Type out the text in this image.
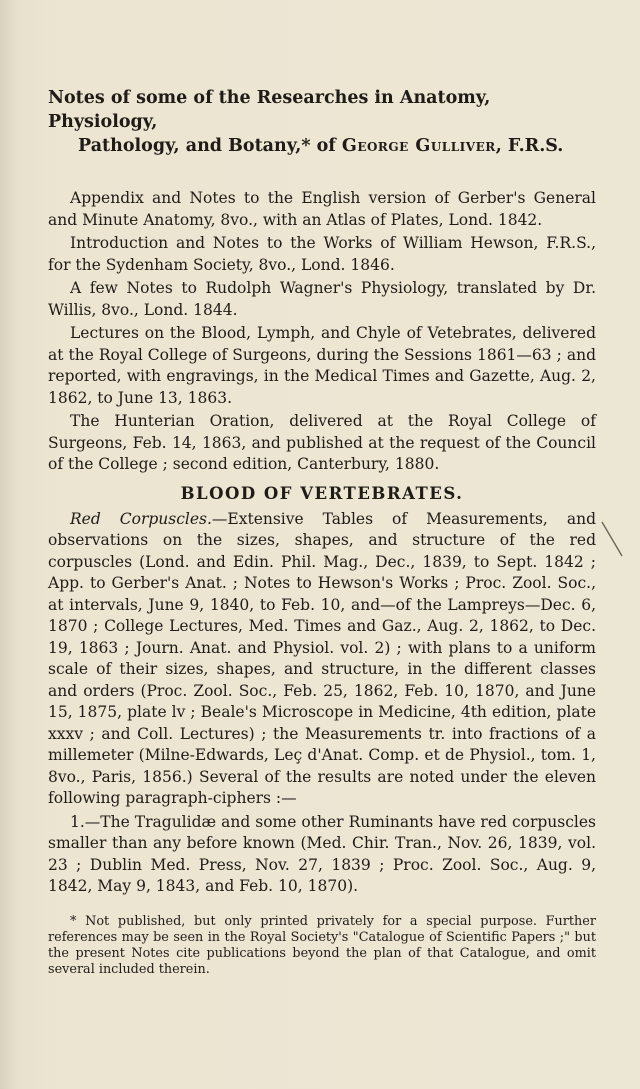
Notes of some of the Researches in Anatomy, Physiology,
Pathology, and Botany,* of George Gulliver, F.R.S.

Appendix and Notes to the English version of Gerber's General and Minute Anatomy, 8vo., with an Atlas of Plates, Lond. 1842.

Introduction and Notes to the Works of William Hewson, F.R.S., for the Sydenham Society, 8vo., Lond. 1846.

A few Notes to Rudolph Wagner's Physiology, translated by Dr. Willis, 8vo., Lond. 1844.

Lectures on the Blood, Lymph, and Chyle of Vetebrates, delivered at the Royal College of Surgeons, during the Sessions 1861—63 ; and reported, with engravings, in the Medical Times and Gazette, Aug. 2, 1862, to June 13, 1863.

The Hunterian Oration, delivered at the Royal College of Surgeons, Feb. 14, 1863, and published at the request of the Council of the College ; second edition, Canterbury, 1880.

BLOOD OF VERTEBRATES.

Red Corpuscles.—Extensive Tables of Measurements, and observations on the sizes, shapes, and structure of the red corpuscles (Lond. and Edin. Phil. Mag., Dec., 1839, to Sept. 1842 ; App. to Gerber's Anat. ; Notes to Hewson's Works ; Proc. Zool. Soc., at intervals, June 9, 1840, to Feb. 10, and—of the Lampreys—Dec. 6, 1870 ; College Lectures, Med. Times and Gaz., Aug. 2, 1862, to Dec. 19, 1863 ; Journ. Anat. and Physiol. vol. 2) ; with plans to a uniform scale of their sizes, shapes, and structure, in the different classes and orders (Proc. Zool. Soc., Feb. 25, 1862, Feb. 10, 1870, and June 15, 1875, plate lv ; Beale's Microscope in Medicine, 4th edition, plate xxxv ; and Coll. Lectures) ; the Measurements tr. into fractions of a millemeter (Milne-Edwards, Leç d'Anat. Comp. et de Physiol., tom. 1, 8vo., Paris, 1856.) Several of the results are noted under the eleven following paragraph-ciphers :—

1.—The Tragulidæ and some other Ruminants have red corpuscles smaller than any before known (Med. Chir. Tran., Nov. 26, 1839, vol. 23 ; Dublin Med. Press, Nov. 27, 1839 ; Proc. Zool. Soc., Aug. 9, 1842, May 9, 1843, and Feb. 10, 1870).

* Not published, but only printed privately for a special purpose. Further references may be seen in the Royal Society's "Catalogue of Scientific Papers ;" but the present Notes cite publications beyond the plan of that Catalogue, and omit several included therein.
